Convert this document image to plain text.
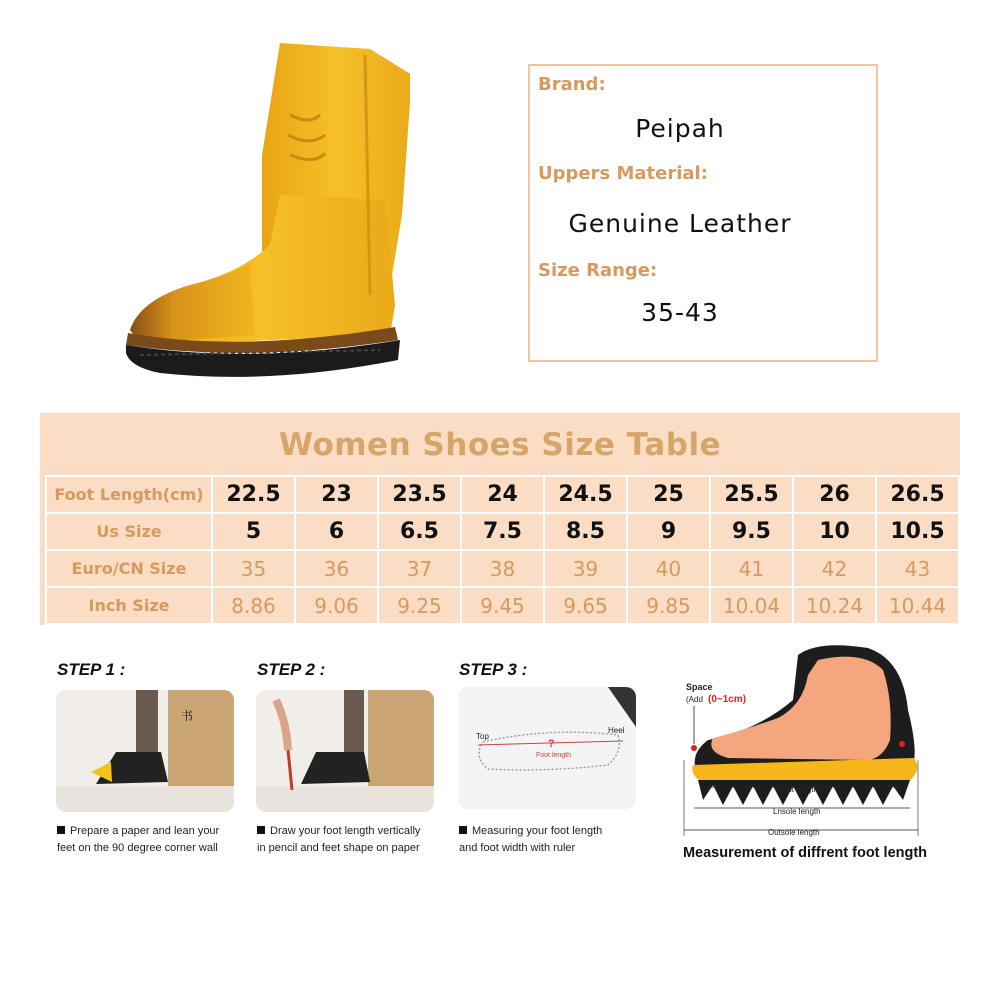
Brand:
Peipah
Uppers Material:
Genuine Leather
Size Range:
35-43
Women Shoes Size Table
Foot Length(cm)	22.5	23	23.5	24	24.5	25	25.5	26	26.5
Us Size	5	6	6.5	7.5	8.5	9	9.5	10	10.5
Euro/CN Size	35	36	37	38	39	40	41	42	43
Inch Size	8.86	9.06	9.25	9.45	9.65	9.85	10.04	10.24	10.44
STEP 1 :
书
Prepare a paper and lean your
feet on the 90 degree corner wall
STEP 2 :
Draw your foot length vertically
in pencil and feet shape on paper
STEP 3 :
Top
Heel
?
Foot length
Measuring your foot length
and foot width with ruler
Space
(Add (0~1cm)
Foot length
Lnsole length
Outsole length
Measurement of diffrent foot length
